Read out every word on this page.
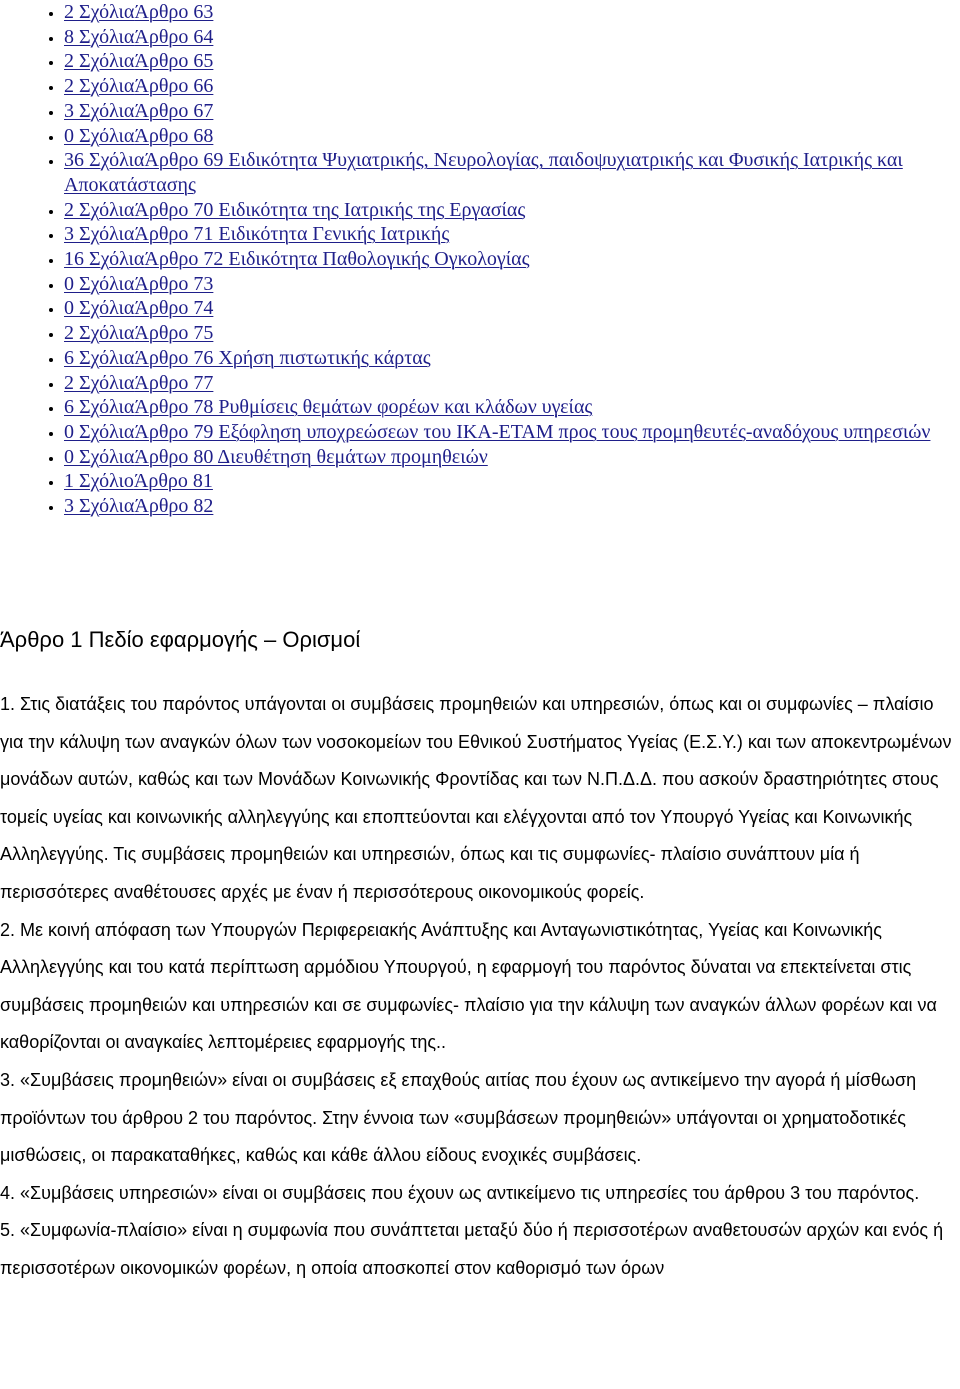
• 2 ΣχόλιαΆρθρο 63
• 8 ΣχόλιαΆρθρο 64
• 2 ΣχόλιαΆρθρο 65
• 2 ΣχόλιαΆρθρο 66
• 3 ΣχόλιαΆρθρο 67
• 0 ΣχόλιαΆρθρο 68
• 36 ΣχόλιαΆρθρο 69 Ειδικότητα Ψυχιατρικής, Νευρολογίας, παιδοψυχιατρικής και Φυσικής Ιατρικής και Αποκατάστασης
• 2 ΣχόλιαΆρθρο 70 Ειδικότητα της Ιατρικής της Εργασίας
• 3 ΣχόλιαΆρθρο 71 Ειδικότητα Γενικής Ιατρικής
• 16 ΣχόλιαΆρθρο 72 Ειδικότητα Παθολογικής Ογκολογίας
• 0 ΣχόλιαΆρθρο 73
• 0 ΣχόλιαΆρθρο 74
• 2 ΣχόλιαΆρθρο 75
• 6 ΣχόλιαΆρθρο 76 Χρήση πιστωτικής κάρτας
• 2 ΣχόλιαΆρθρο 77
• 6 ΣχόλιαΆρθρο 78 Ρυθμίσεις θεμάτων φορέων και κλάδων υγείας
• 0 ΣχόλιαΆρθρο 79 Εξόφληση υποχρεώσεων του ΙΚΑ-ΕΤΑΜ προς τους προμηθευτές-αναδόχους υπηρεσιών
• 0 ΣχόλιαΆρθρο 80 Διευθέτηση θεμάτων προμηθειών
• 1 ΣχόλιοΆρθρο 81
• 3 ΣχόλιαΆρθρο 82
Άρθρο 1 Πεδίο εφαρμογής – Ορισμοί

1. Στις διατάξεις του παρόντος υπάγονται οι συμβάσεις προμηθειών και υπηρεσιών, όπως και οι συμφωνίες – πλαίσιο για την κάλυψη των αναγκών όλων των νοσοκομείων του Εθνικού Συστήματος Υγείας (Ε.Σ.Υ.) και των αποκεντρωμένων μονάδων αυτών, καθώς και των Μονάδων Κοινωνικής Φροντίδας και των Ν.Π.Δ.Δ. που ασκούν δραστηριότητες στους τομείς υγείας και κοινωνικής αλληλεγγύης και εποπτεύονται και ελέγχονται από τον Υπουργό Υγείας και Κοινωνικής Αλληλεγγύης. Τις συμβάσεις προμηθειών και υπηρεσιών, όπως και τις συμφωνίες- πλαίσιο συνάπτουν μία ή περισσότερες αναθέτουσες αρχές με έναν ή περισσότερους οικονομικούς φορείς.

2. Με κοινή απόφαση των Υπουργών Περιφερειακής Ανάπτυξης και Ανταγωνιστικότητας, Υγείας και Κοινωνικής Αλληλεγγύης και του κατά περίπτωση αρμόδιου Υπουργού, η εφαρμογή του παρόντος δύναται να επεκτείνεται στις συμβάσεις προμηθειών και υπηρεσιών και σε συμφωνίες- πλαίσιο για την κάλυψη των αναγκών άλλων φορέων και να καθορίζονται οι αναγκαίες λεπτομέρειες εφαρμογής της..

3. «Συμβάσεις προμηθειών» είναι οι συμβάσεις εξ επαχθούς αιτίας που έχουν ως αντικείμενο την αγορά ή μίσθωση προϊόντων του άρθρου 2 του παρόντος. Στην έννοια των «συμβάσεων προμηθειών» υπάγονται οι χρηματοδοτικές μισθώσεις, οι παρακαταθήκες, καθώς και κάθε άλλου είδους ενοχικές συμβάσεις.

4. «Συμβάσεις υπηρεσιών» είναι οι συμβάσεις που έχουν ως αντικείμενο τις υπηρεσίες του άρθρου 3 του παρόντος.

5. «Συμφωνία-πλαίσιο» είναι η συμφωνία που συνάπτεται μεταξύ δύο ή περισσοτέρων αναθετουσών αρχών και ενός ή περισσοτέρων οικονομικών φορέων, η οποία αποσκοπεί στον καθορισμό των όρων
